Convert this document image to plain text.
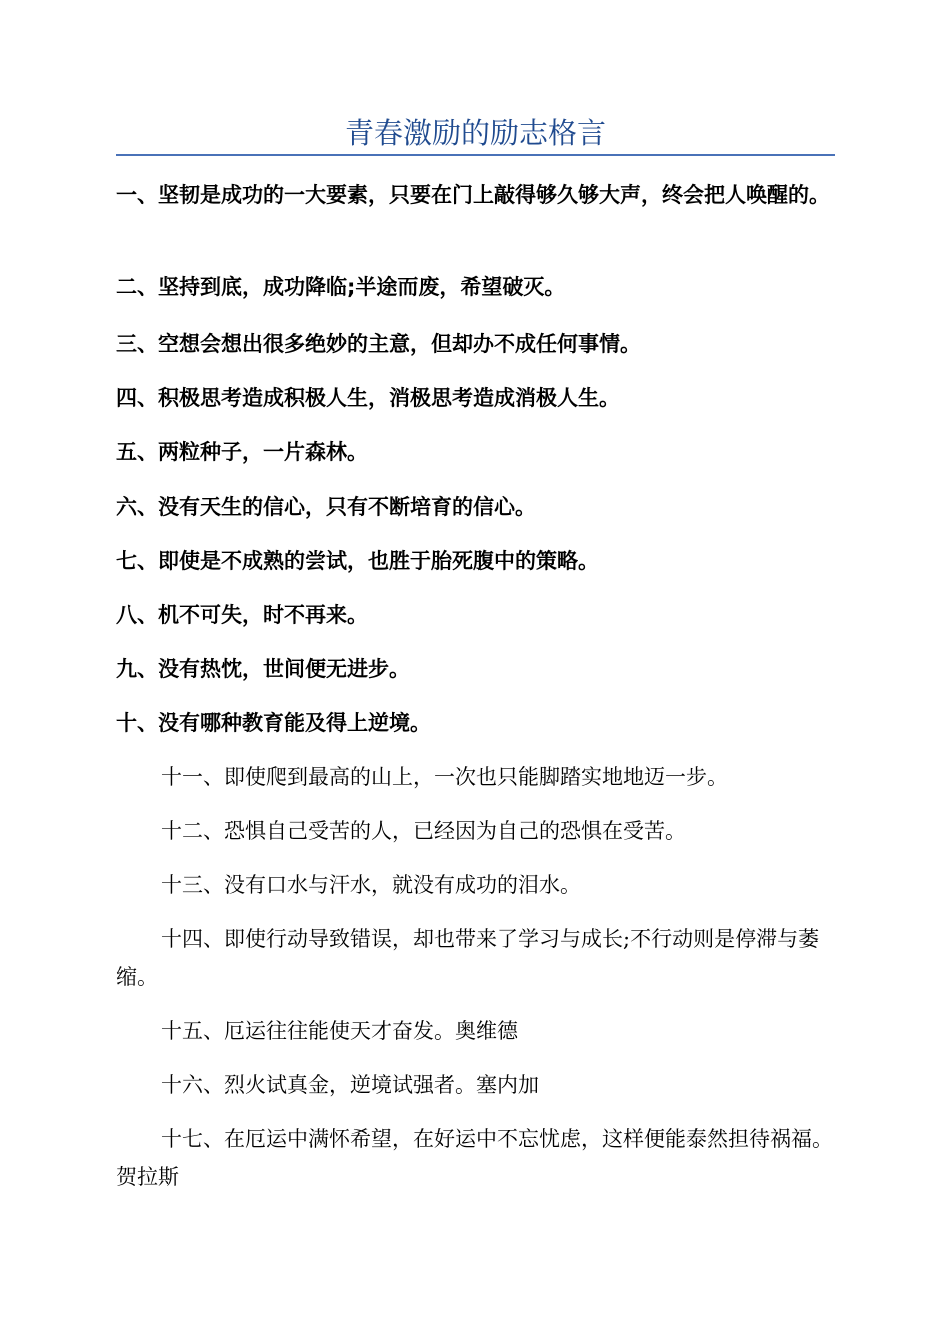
青春激励的励志格言

一、坚韧是成功的一大要素，只要在门上敲得够久够大声，终会把人唤醒的。

二、坚持到底，成功降临;半途而废，希望破灭。

三、空想会想出很多绝妙的主意，但却办不成任何事情。

四、积极思考造成积极人生，消极思考造成消极人生。

五、两粒种子，一片森林。

六、没有天生的信心，只有不断培育的信心。

七、即使是不成熟的尝试，也胜于胎死腹中的策略。

八、机不可失，时不再来。

九、没有热忱，世间便无进步。

十、没有哪种教育能及得上逆境。

十一、即使爬到最高的山上，一次也只能脚踏实地地迈一步。

十二、恐惧自己受苦的人，已经因为自己的恐惧在受苦。

十三、没有口水与汗水，就没有成功的泪水。

十四、即使行动导致错误，却也带来了学习与成长;不行动则是停滞与萎缩。

十五、厄运往往能使天才奋发。奥维德

十六、烈火试真金，逆境试强者。塞内加

十七、在厄运中满怀希望，在好运中不忘忧虑，这样便能泰然担待祸福。贺拉斯
